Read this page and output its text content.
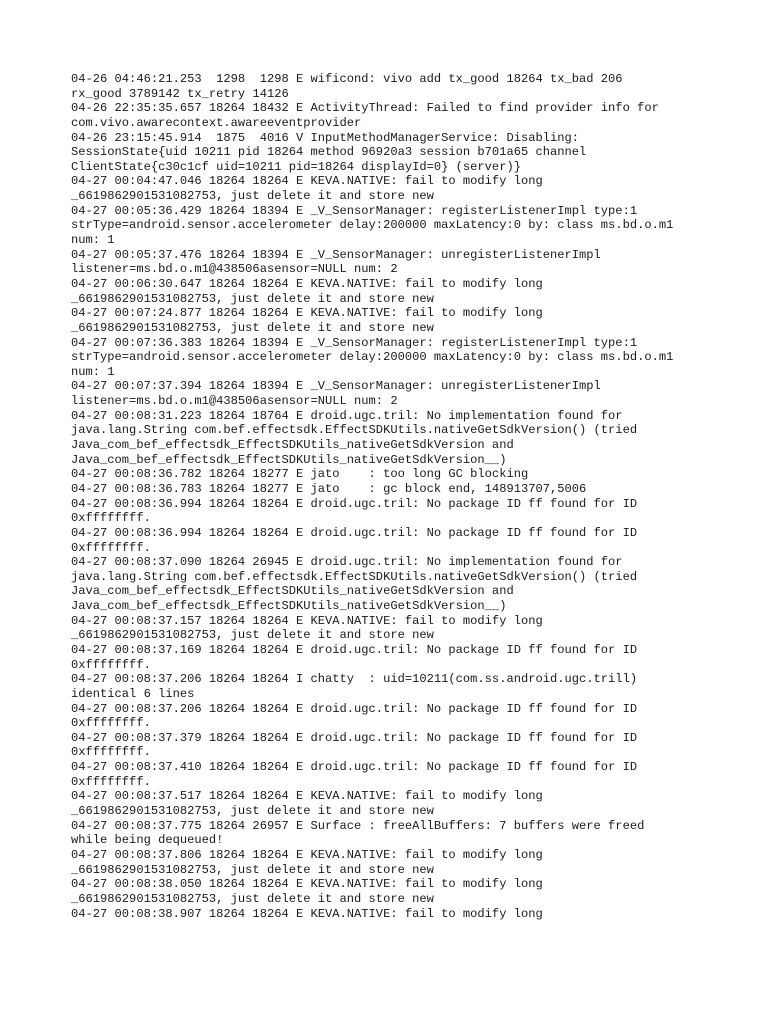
04-26 04:46:21.253  1298  1298 E wificond: vivo add tx_good 18264 tx_bad 206
rx_good 3789142 tx_retry 14126
04-26 22:35:35.657 18264 18432 E ActivityThread: Failed to find provider info for
com.vivo.awarecontext.awareeventprovider
04-26 23:15:45.914  1875  4016 V InputMethodManagerService: Disabling:
SessionState{uid 10211 pid 18264 method 96920a3 session b701a65 channel
ClientState{c30c1cf uid=10211 pid=18264 displayId=0} (server)}
04-27 00:04:47.046 18264 18264 E KEVA.NATIVE: fail to modify long
_6619862901531082753, just delete it and store new
04-27 00:05:36.429 18264 18394 E _V_SensorManager: registerListenerImpl type:1
strType=android.sensor.accelerometer delay:200000 maxLatency:0 by: class ms.bd.o.m1
num: 1
04-27 00:05:37.476 18264 18394 E _V_SensorManager: unregisterListenerImpl
listener=ms.bd.o.m1@438506asensor=NULL num: 2
04-27 00:06:30.647 18264 18264 E KEVA.NATIVE: fail to modify long
_6619862901531082753, just delete it and store new
04-27 00:07:24.877 18264 18264 E KEVA.NATIVE: fail to modify long
_6619862901531082753, just delete it and store new
04-27 00:07:36.383 18264 18394 E _V_SensorManager: registerListenerImpl type:1
strType=android.sensor.accelerometer delay:200000 maxLatency:0 by: class ms.bd.o.m1
num: 1
04-27 00:07:37.394 18264 18394 E _V_SensorManager: unregisterListenerImpl
listener=ms.bd.o.m1@438506asensor=NULL num: 2
04-27 00:08:31.223 18264 18764 E droid.ugc.tril: No implementation found for
java.lang.String com.bef.effectsdk.EffectSDKUtils.nativeGetSdkVersion() (tried
Java_com_bef_effectsdk_EffectSDKUtils_nativeGetSdkVersion and
Java_com_bef_effectsdk_EffectSDKUtils_nativeGetSdkVersion__)
04-27 00:08:36.782 18264 18277 E jato    : too long GC blocking
04-27 00:08:36.783 18264 18277 E jato    : gc block end, 148913707,5006
04-27 00:08:36.994 18264 18264 E droid.ugc.tril: No package ID ff found for ID
0xffffffff.
04-27 00:08:36.994 18264 18264 E droid.ugc.tril: No package ID ff found for ID
0xffffffff.
04-27 00:08:37.090 18264 26945 E droid.ugc.tril: No implementation found for
java.lang.String com.bef.effectsdk.EffectSDKUtils.nativeGetSdkVersion() (tried
Java_com_bef_effectsdk_EffectSDKUtils_nativeGetSdkVersion and
Java_com_bef_effectsdk_EffectSDKUtils_nativeGetSdkVersion__)
04-27 00:08:37.157 18264 18264 E KEVA.NATIVE: fail to modify long
_6619862901531082753, just delete it and store new
04-27 00:08:37.169 18264 18264 E droid.ugc.tril: No package ID ff found for ID
0xffffffff.
04-27 00:08:37.206 18264 18264 I chatty  : uid=10211(com.ss.android.ugc.trill)
identical 6 lines
04-27 00:08:37.206 18264 18264 E droid.ugc.tril: No package ID ff found for ID
0xffffffff.
04-27 00:08:37.379 18264 18264 E droid.ugc.tril: No package ID ff found for ID
0xffffffff.
04-27 00:08:37.410 18264 18264 E droid.ugc.tril: No package ID ff found for ID
0xffffffff.
04-27 00:08:37.517 18264 18264 E KEVA.NATIVE: fail to modify long
_6619862901531082753, just delete it and store new
04-27 00:08:37.775 18264 26957 E Surface : freeAllBuffers: 7 buffers were freed
while being dequeued!
04-27 00:08:37.806 18264 18264 E KEVA.NATIVE: fail to modify long
_6619862901531082753, just delete it and store new
04-27 00:08:38.050 18264 18264 E KEVA.NATIVE: fail to modify long
_6619862901531082753, just delete it and store new
04-27 00:08:38.907 18264 18264 E KEVA.NATIVE: fail to modify long
